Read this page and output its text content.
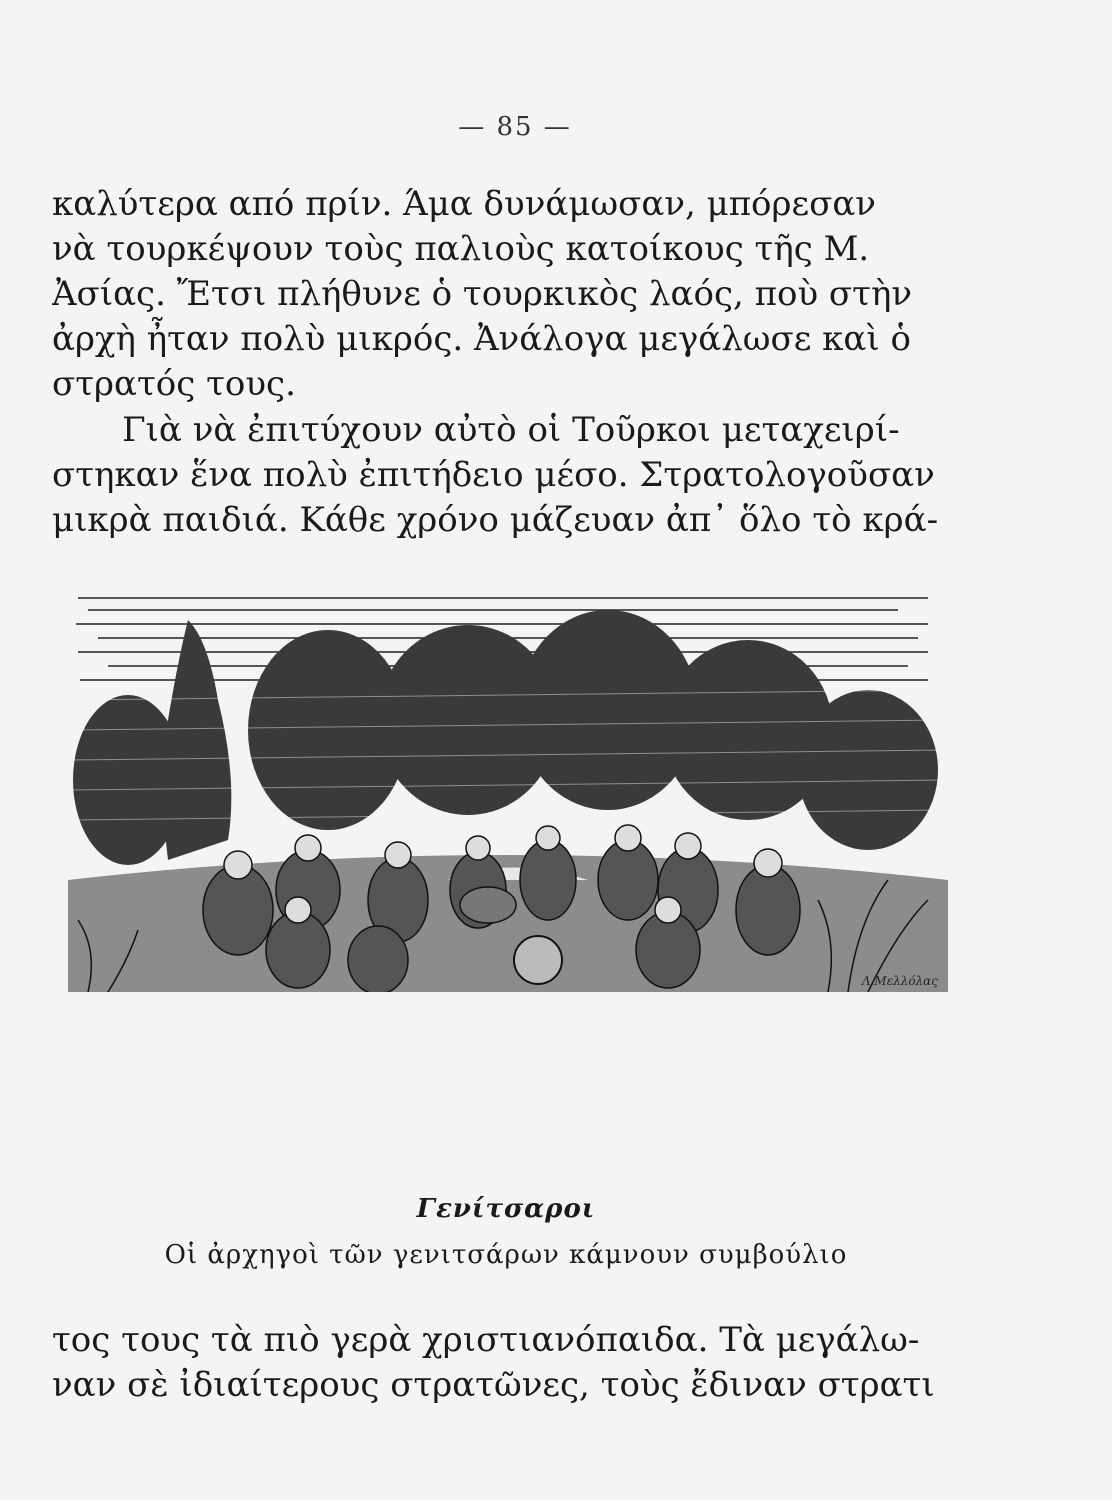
— 85 —
καλύτερα από πρίν. Άμα δυνάμωσαν, μπόρεσαν
νὰ τουρκέψουν τοὺς παλιοὺς κατοίκους τῆς Μ.
Ἀσίας. Ἔτσι πλήθυνε ὁ τουρκικὸς λαός, ποὺ στὴν
ἀρχὴ ἦταν πολὺ μικρός. Ἀνάλογα μεγάλωσε καὶ ὁ
στρατός τους.
Γιὰ νὰ ἐπιτύχουν αὐτὸ οἱ Τοῦρκοι μεταχειρί-
στηκαν ἕνα πολὺ ἐπιτήδειο μέσο. Στρατολογοῦσαν
μικρὰ παιδιά. Κάθε χρόνο μάζευαν ἀπ᾽ ὅλο τὸ κρά-
Λ.Μελλόλας
Γενίτσαροι
Οἱ ἀρχηγοὶ τῶν γενιτσάρων κάμνουν συμβούλιο
τος τους τὰ πιὸ γερὰ χριστιανόπαιδα. Τὰ μεγάλω-
ναν σὲ ἰδιαίτερους στρατῶνες, τοὺς ἔδιναν στρατι
